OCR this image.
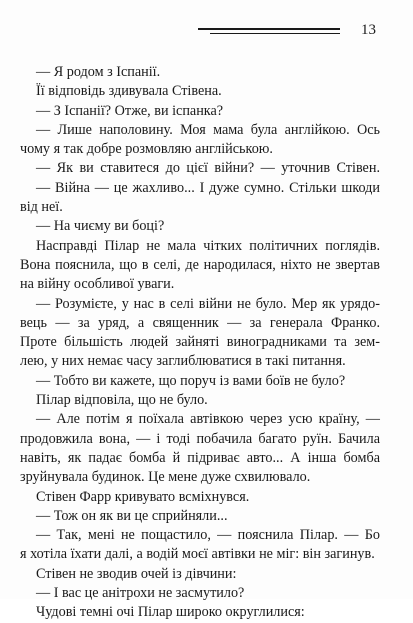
13
— Я родом з Іспанії.
Її відповідь здивувала Стівена.
— З Іспанії? Отже, ви іспанка?
— Лише наполовину. Моя мама була англійкою. Ось
чому я так добре розмовляю англійською.
— Як ви ставитеся до цієї війни? — уточнив Стівен.
— Війна — це жахливо... І дуже сумно. Стільки шкоди
від неї.
— На чиєму ви боці?
Насправді Пілар не мала чітких політичних поглядів.
Вона пояснила, що в селі, де народилася, ніхто не звертав
на війну особливої уваги.
— Розумієте, у нас в селі війни не було. Мер як урядо-
вець — за уряд, а священник — за генерала Франко.
Проте більшість людей зайняті виноградниками та зем-
лею, у них немає часу заглиблюватися в такі питання.
— Тобто ви кажете, що поруч із вами боїв не було?
Пілар відповіла, що не було.
— Але потім я поїхала автівкою через усю країну, —
продовжила вона, — і тоді побачила багато руїн. Бачила
навіть, як падає бомба й підриває авто... А інша бомба
зруйнувала будинок. Це мене дуже схвилювало.
Стівен Фарр кривувато всміхнувся.
— Тож он як ви це сприйняли...
— Так, мені не пощастило, — пояснила Пілар. — Бо
я хотіла їхати далі, а водій моєї автівки не міг: він загинув.
Стівен не зводив очей із дівчини:
— І вас це анітрохи не засмутило?
Чудові темні очі Пілар широко округлилися:
